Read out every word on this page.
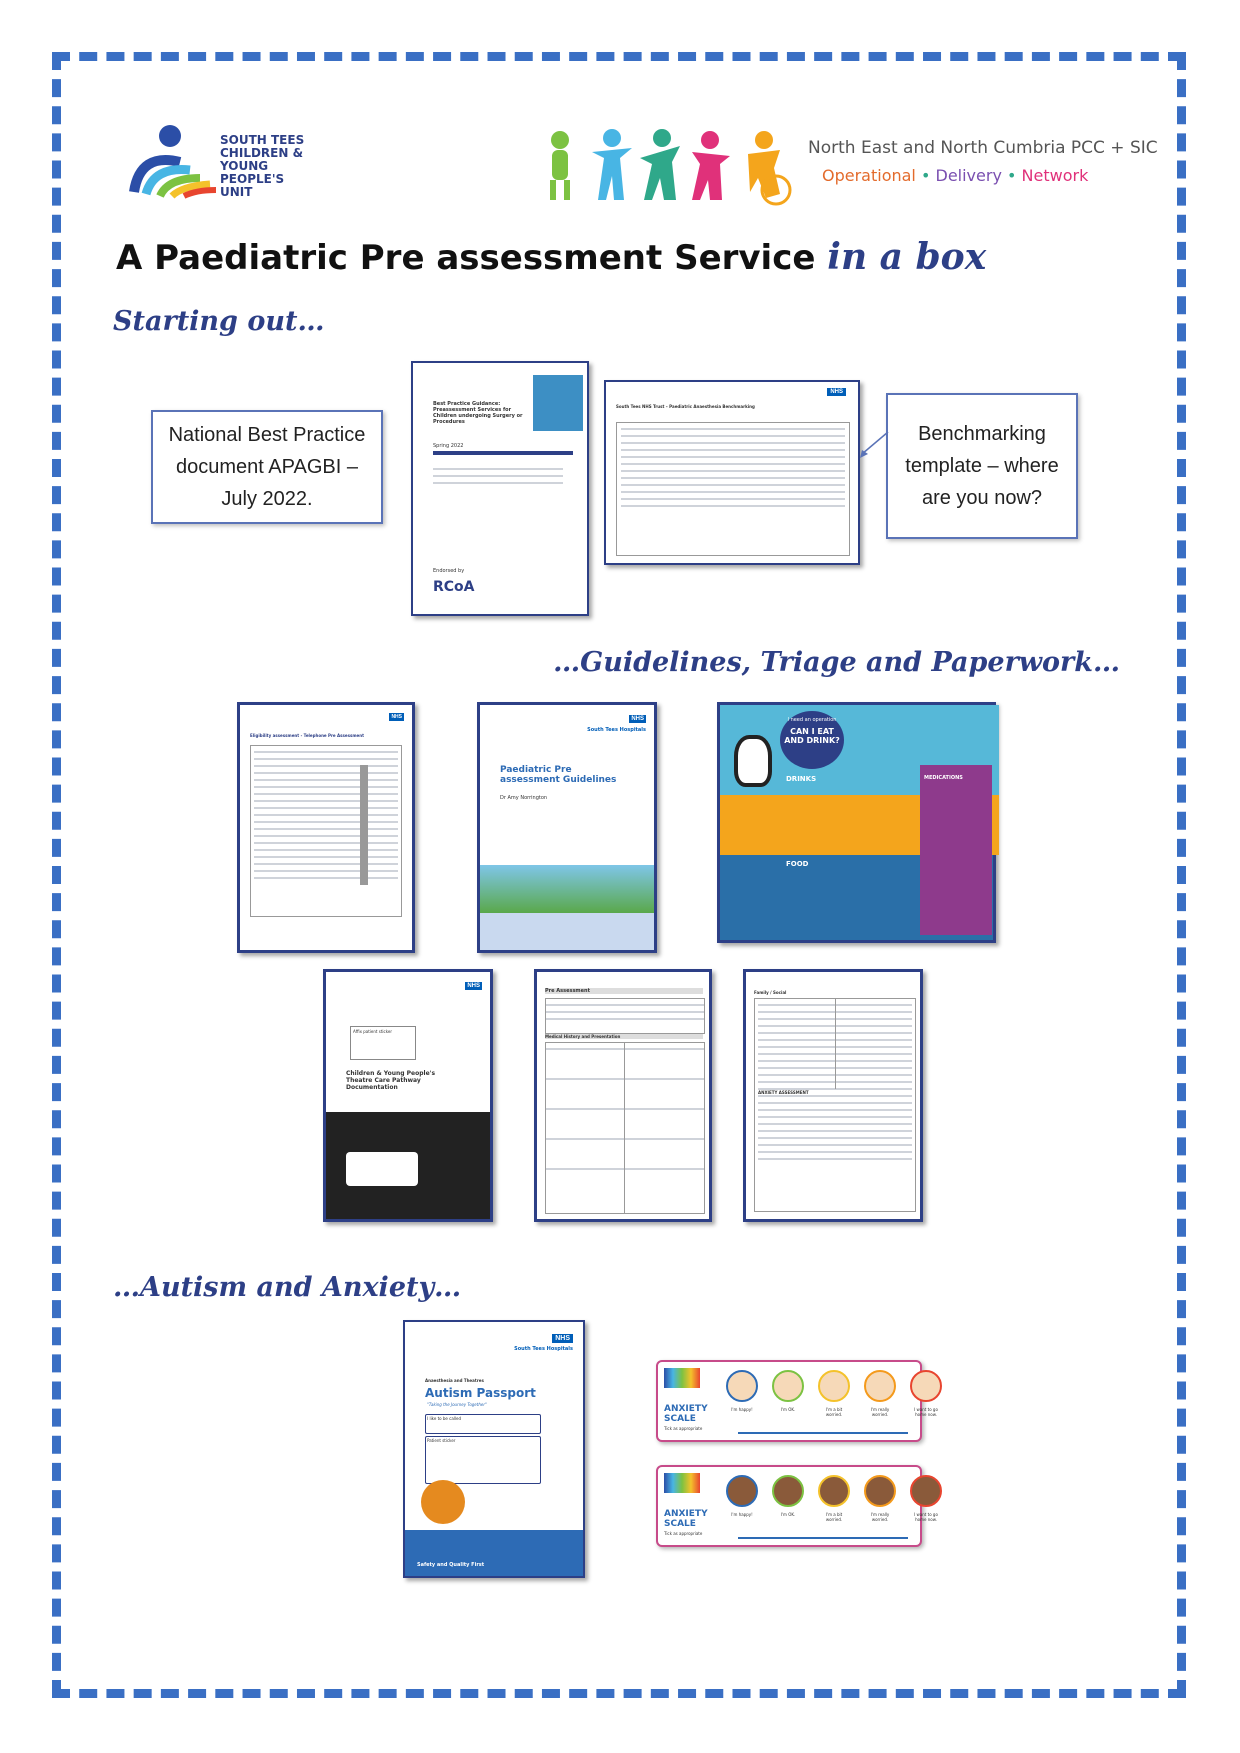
SOUTH TEES CHILDREN & YOUNG PEOPLE'S UNIT
North East and North Cumbria PCC + SIC
Operational • Delivery • Network
A Paediatric Pre assessment Service in a box
Starting out…
National Best Practice document APAGBI – July 2022.
Best Practice Guidance: Preassessment Services for Children undergoing Surgery or Procedures
Spring 2022
Endorsed by
RCoA
NHS
South Tees NHS Trust – Paediatric Anaesthesia Benchmarking
Benchmarking template – where are you now?
…Guidelines, Triage and Paperwork…
NHS
Eligibility assessment - Telephone Pre Assessment
NHS
South Tees Hospitals
Paediatric Pre assessment Guidelines
Dr Amy Norrington
I need an operation
CAN I EAT AND DRINK?
DRINKS
FOOD
MEDICATIONS
NHS
Affix patient sticker
Children & Young People's Theatre Care Pathway Documentation
Pre Assessment
Medical History and Presentation
Family / Social
ANXIETY ASSESSMENT
…Autism and Anxiety…
NHS
South Tees Hospitals
Anaesthesia and Theatres
Autism Passport
"Taking the Journey Together"
I like to be called
Patient sticker
Safety and Quality First
ANXIETY
SCALE
Tick as appropriate
I'm happy!	I'm OK.	I'm a bit worried.
I'm really worried.
I want to go home now.
ANXIETY
SCALE
Tick as appropriate
I'm happy!	I'm OK.	I'm a bit worried.
I'm really worried.
I want to go home now.
